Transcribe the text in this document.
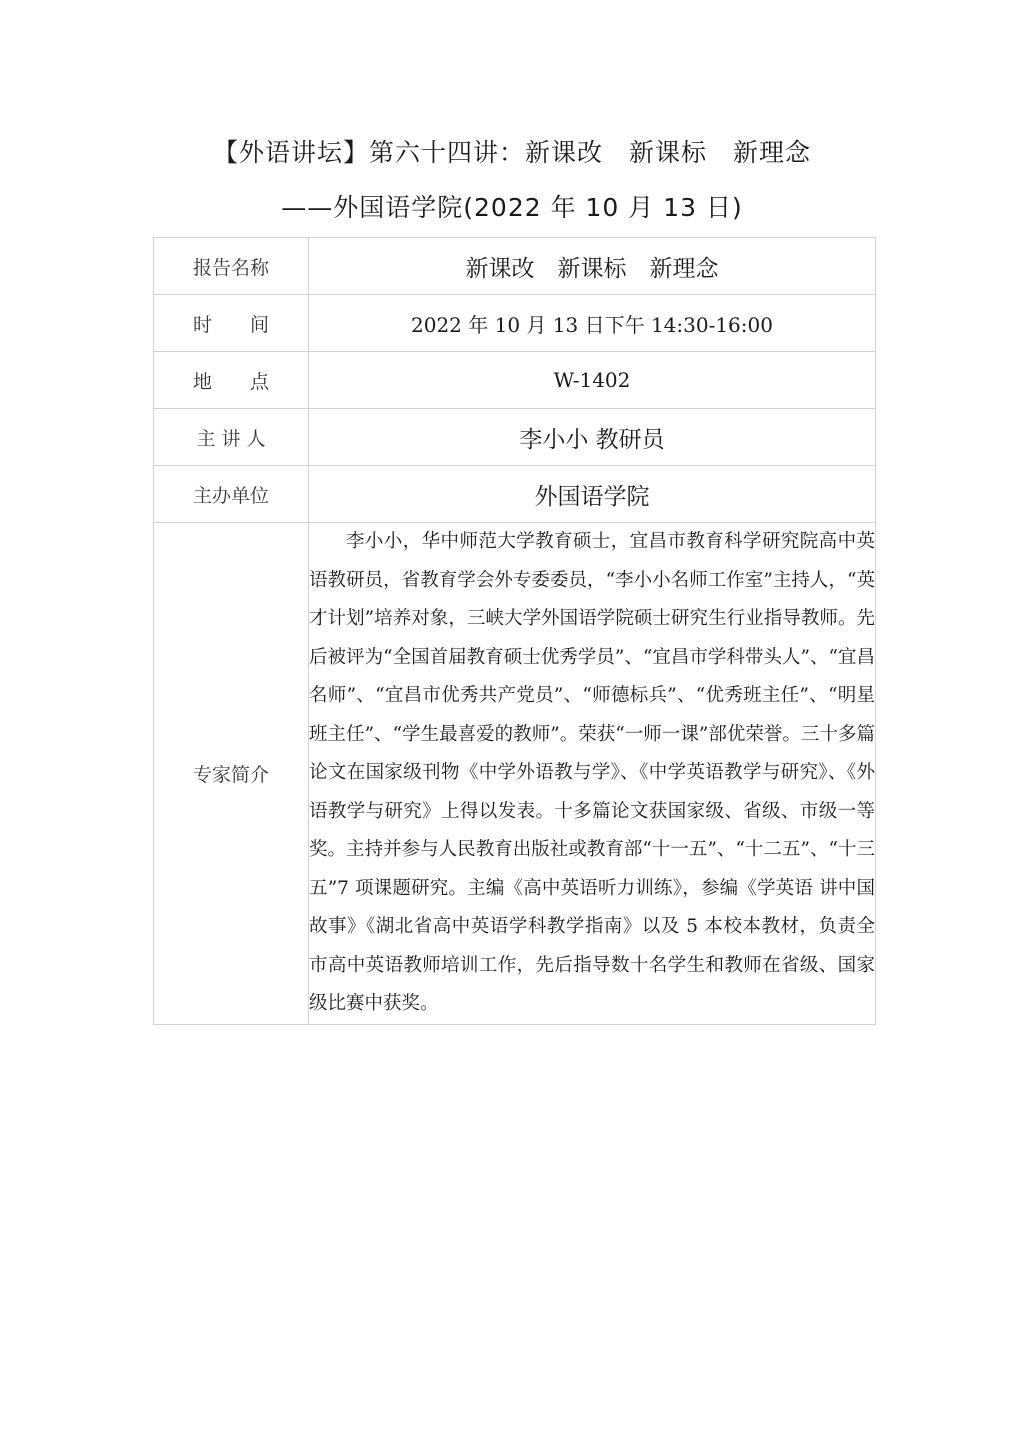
【外语讲坛】第六十四讲：新课改　新课标　新理念
——外国语学院(2022 年 10 月 13 日)
报告名称	新课改　新课标　新理念
时　　间	2022 年 10 月 13 日下午 14:30-16:00
地　　点	W-1402
主 讲 人	李小小 教研员
主办单位	外国语学院
专家简介	李小小，华中师范大学教育硕士，宜昌市教育科学研究院高中英语教研员，省教育学会外专委委员，“李小小名师工作室”主持人，“英才计划”培养对象，三峡大学外国语学院硕士研究生行业指导教师。先后被评为“全国首届教育硕士优秀学员”、“宜昌市学科带头人”、“宜昌名师”、“宜昌市优秀共产党员”、“师德标兵”、“优秀班主任”、“明星班主任”、“学生最喜爱的教师”。荣获“一师一课”部优荣誉。三十多篇论文在国家级刊物《中学外语教与学》、《中学英语教学与研究》、《外语教学与研究》上得以发表。十多篇论文获国家级、省级、市级一等奖。主持并参与人民教育出版社或教育部“十一五”、“十二五”、“十三五”7 项课题研究。主编《高中英语听力训练》，参编《学英语 讲中国故事》《湖北省高中英语学科教学指南》以及 5 本校本教材，负责全市高中英语教师培训工作，先后指导数十名学生和教师在省级、国家级比赛中获奖。
